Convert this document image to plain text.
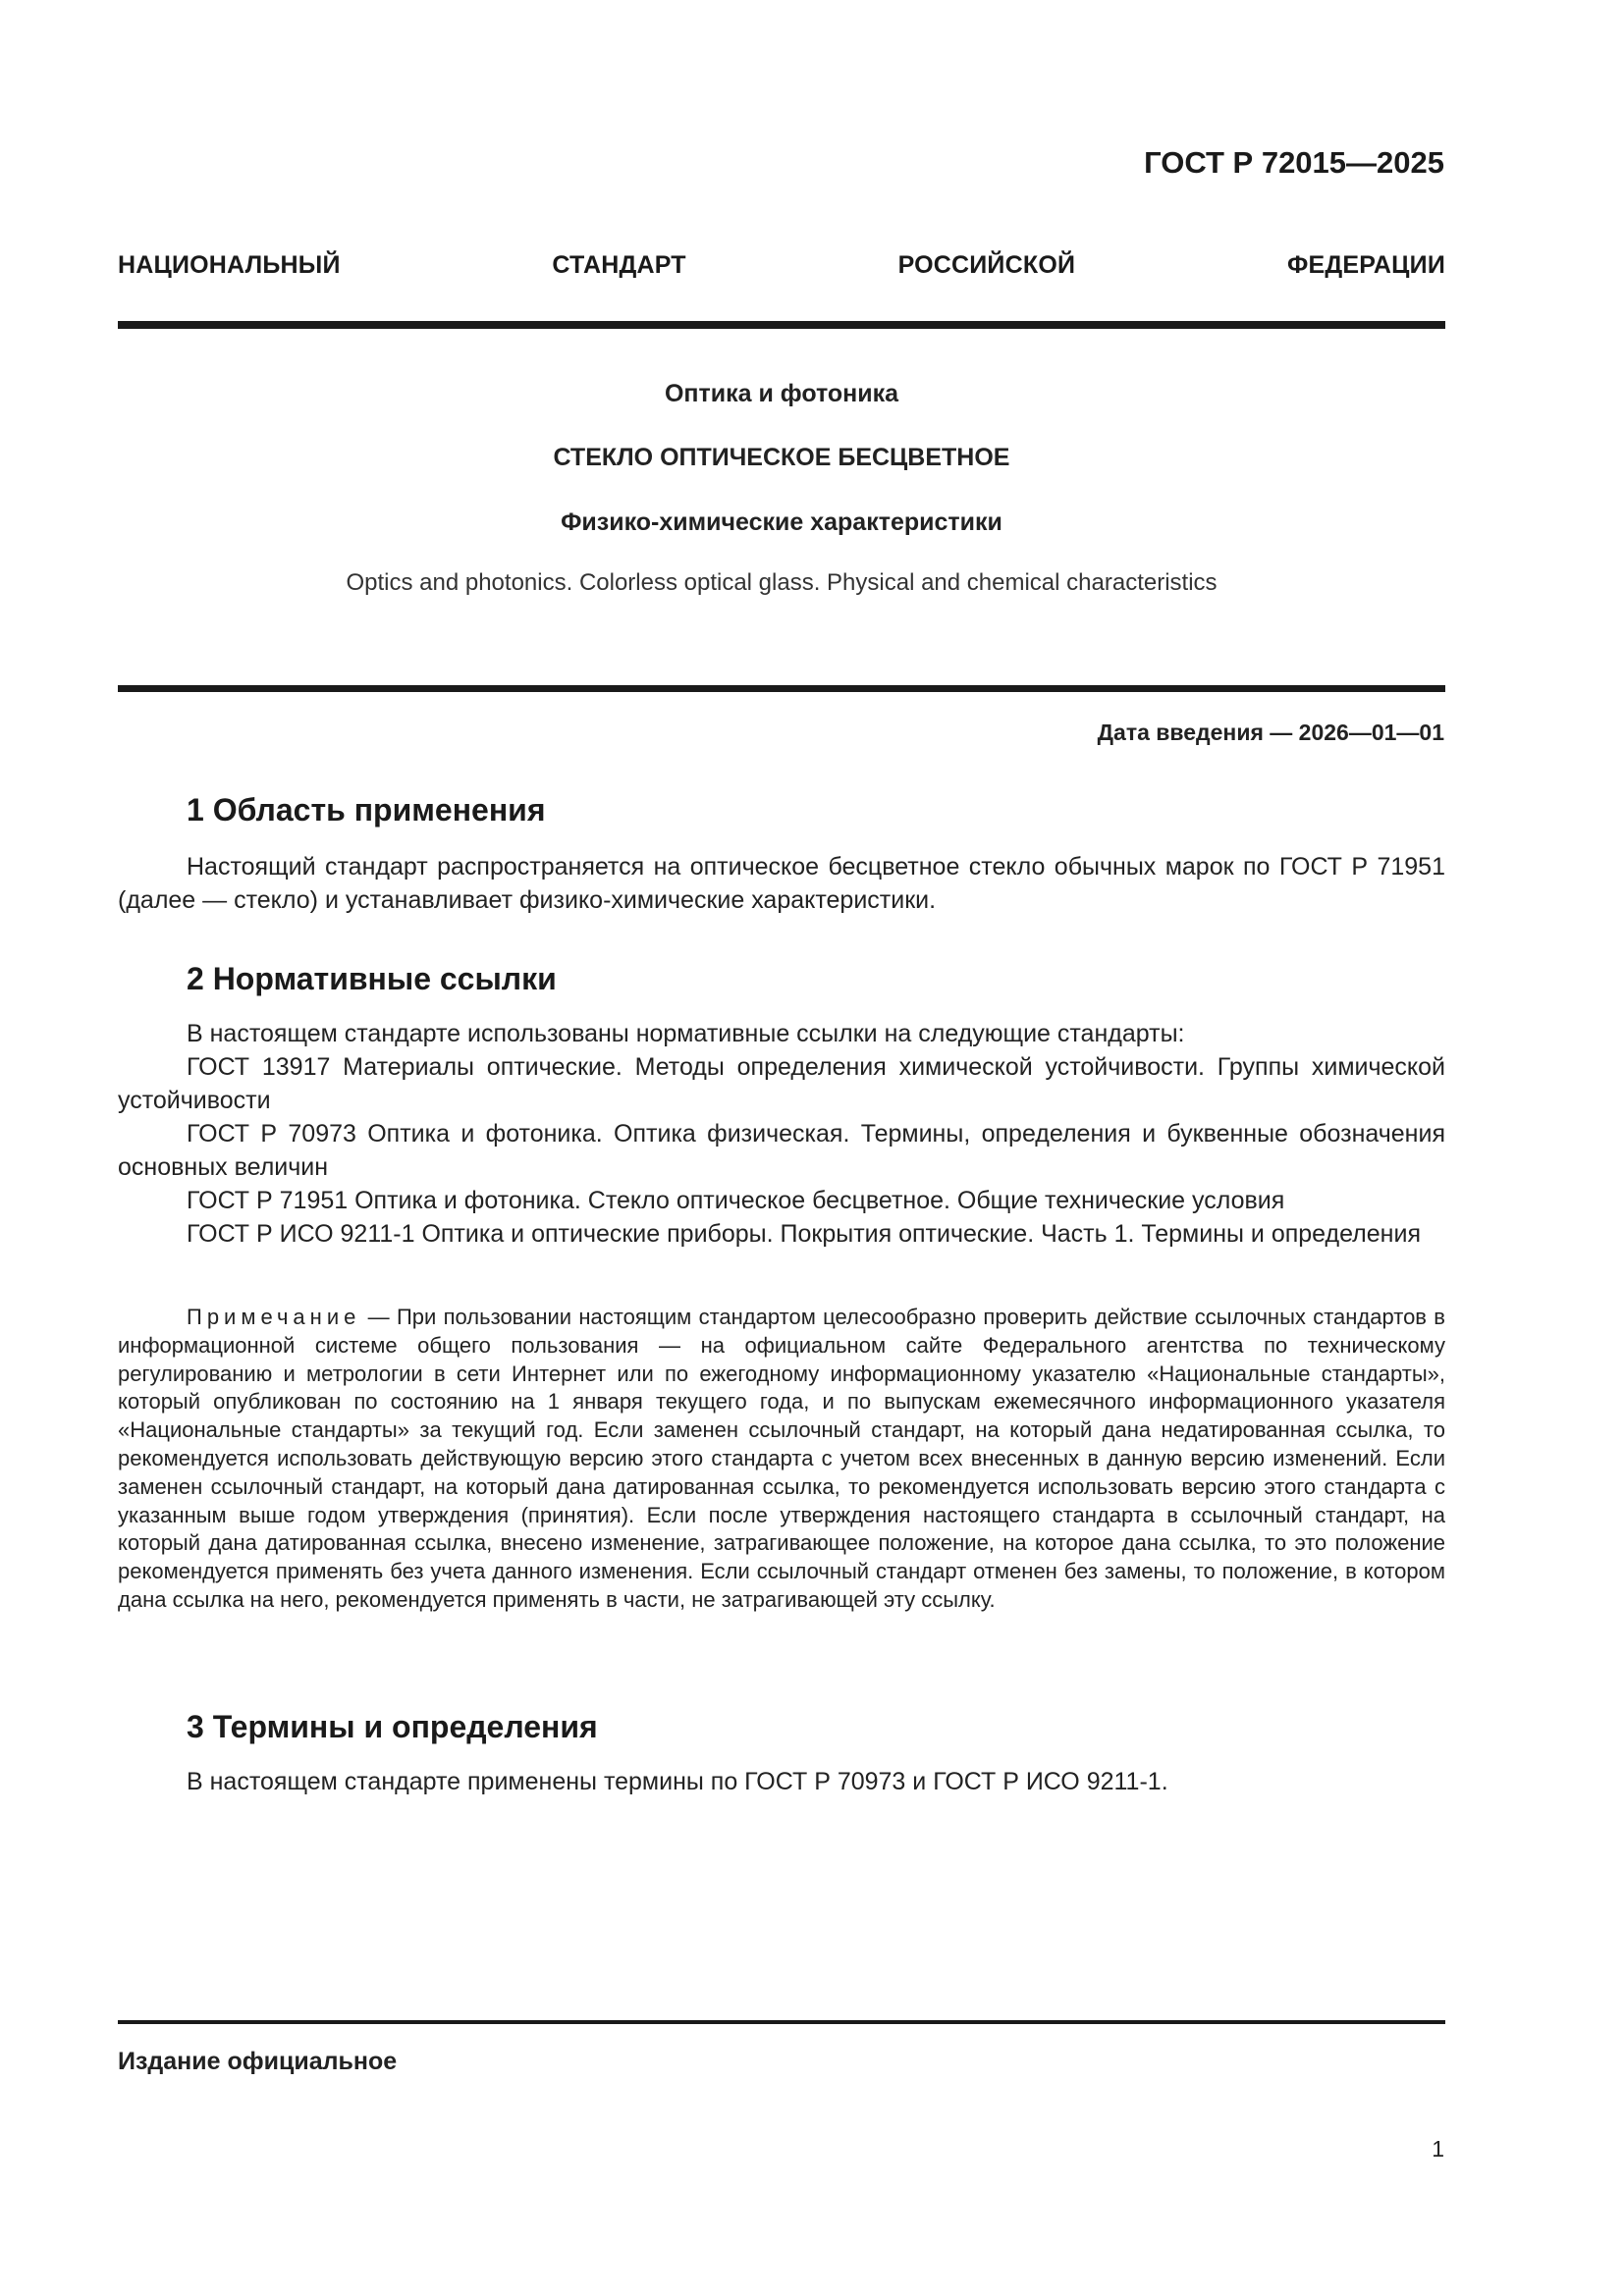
ГОСТ Р 72015—2025
НАЦИОНАЛЬНЫЙ СТАНДАРТ РОССИЙСКОЙ ФЕДЕРАЦИИ
Оптика и фотоника
СТЕКЛО ОПТИЧЕСКОЕ БЕСЦВЕТНОЕ
Физико-химические характеристики
Optics and photonics. Colorless optical glass. Physical and chemical characteristics
Дата введения — 2026—01—01
1 Область применения

Настоящий стандарт распространяется на оптическое бесцветное стекло обычных марок по ГОСТ Р 71951 (далее — стекло) и устанавливает физико-химические характеристики.

2 Нормативные ссылки

В настоящем стандарте использованы нормативные ссылки на следующие стандарты:

ГОСТ 13917 Материалы оптические. Методы определения химической устойчивости. Группы химической устойчивости

ГОСТ Р 70973 Оптика и фотоника. Оптика физическая. Термины, определения и буквенные обозначения основных величин

ГОСТ Р 71951 Оптика и фотоника. Стекло оптическое бесцветное. Общие технические условия

ГОСТ Р ИСО 9211-1 Оптика и оптические приборы. Покрытия оптические. Часть 1. Термины и определения

Примечание — При пользовании настоящим стандартом целесообразно проверить действие ссылочных стандартов в информационной системе общего пользования — на официальном сайте Федерального агентства по техническому регулированию и метрологии в сети Интернет или по ежегодному информационному указателю «Национальные стандарты», который опубликован по состоянию на 1 января текущего года, и по выпускам ежемесячного информационного указателя «Национальные стандарты» за текущий год. Если заменен ссылочный стандарт, на который дана недатированная ссылка, то рекомендуется использовать действующую версию этого стандарта с учетом всех внесенных в данную версию изменений. Если заменен ссылочный стандарт, на который дана датированная ссылка, то рекомендуется использовать версию этого стандарта с указанным выше годом утверждения (принятия). Если после утверждения настоящего стандарта в ссылочный стандарт, на который дана датированная ссылка, внесено изменение, затрагивающее положение, на которое дана ссылка, то это положение рекомендуется применять без учета данного изменения. Если ссылочный стандарт отменен без замены, то положение, в котором дана ссылка на него, рекомендуется применять в части, не затрагивающей эту ссылку.
3 Термины и определения

В настоящем стандарте применены термины по ГОСТ Р 70973 и ГОСТ Р ИСО 9211-1.

Издание официальное
1
